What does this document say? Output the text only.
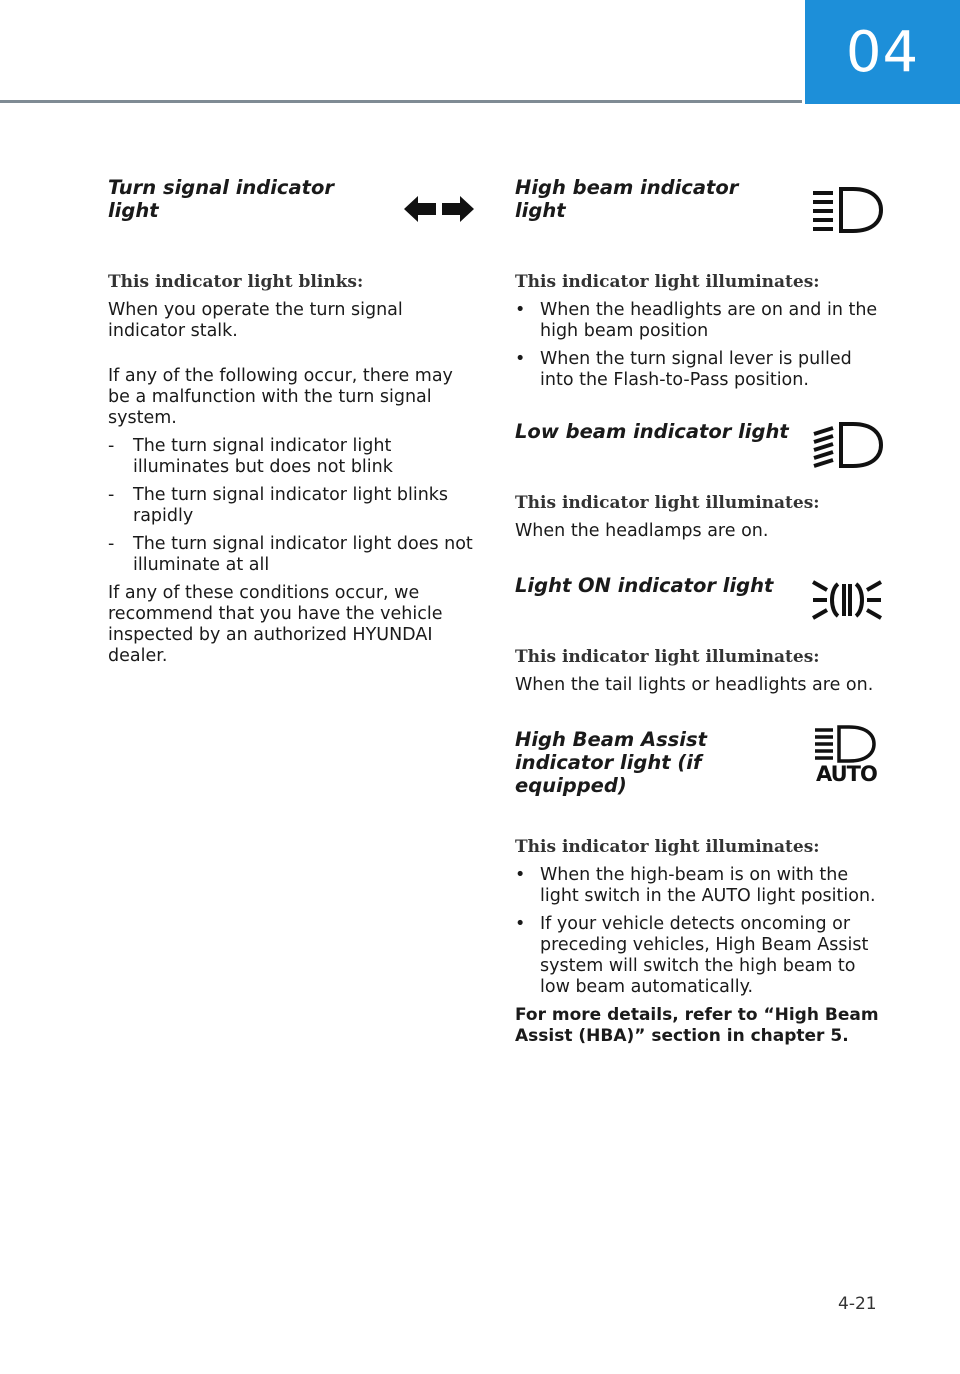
04
Turn signal indicator light

This indicator light blinks:

When you operate the turn signal indicator stalk.

If any of the following occur, there may be a malfunction with the turn signal system.

- The turn signal indicator light illuminates but does not blink
- The turn signal indicator light blinks rapidly
- The turn signal indicator light does not illuminate at all

If any of these conditions occur, we recommend that you have the vehicle inspected by an authorized HYUNDAI dealer.

High beam indicator light

This indicator light illuminates:

• When the headlights are on and in the high beam position
• When the turn signal lever is pulled into the Flash-to-Pass position.
Low beam indicator light

This indicator light illuminates:

When the headlamps are on.

Light ON indicator light

This indicator light illuminates:

When the tail lights or headlights are on.

High Beam Assist indicator light (if equipped)	AUTO

This indicator light illuminates:

• When the high-beam is on with the light switch in the AUTO light position.
• If your vehicle detects oncoming or preceding vehicles, High Beam Assist system will switch the high beam to low beam automatically.

For more details, refer to “High Beam Assist (HBA)” section in chapter 5.

4-21
